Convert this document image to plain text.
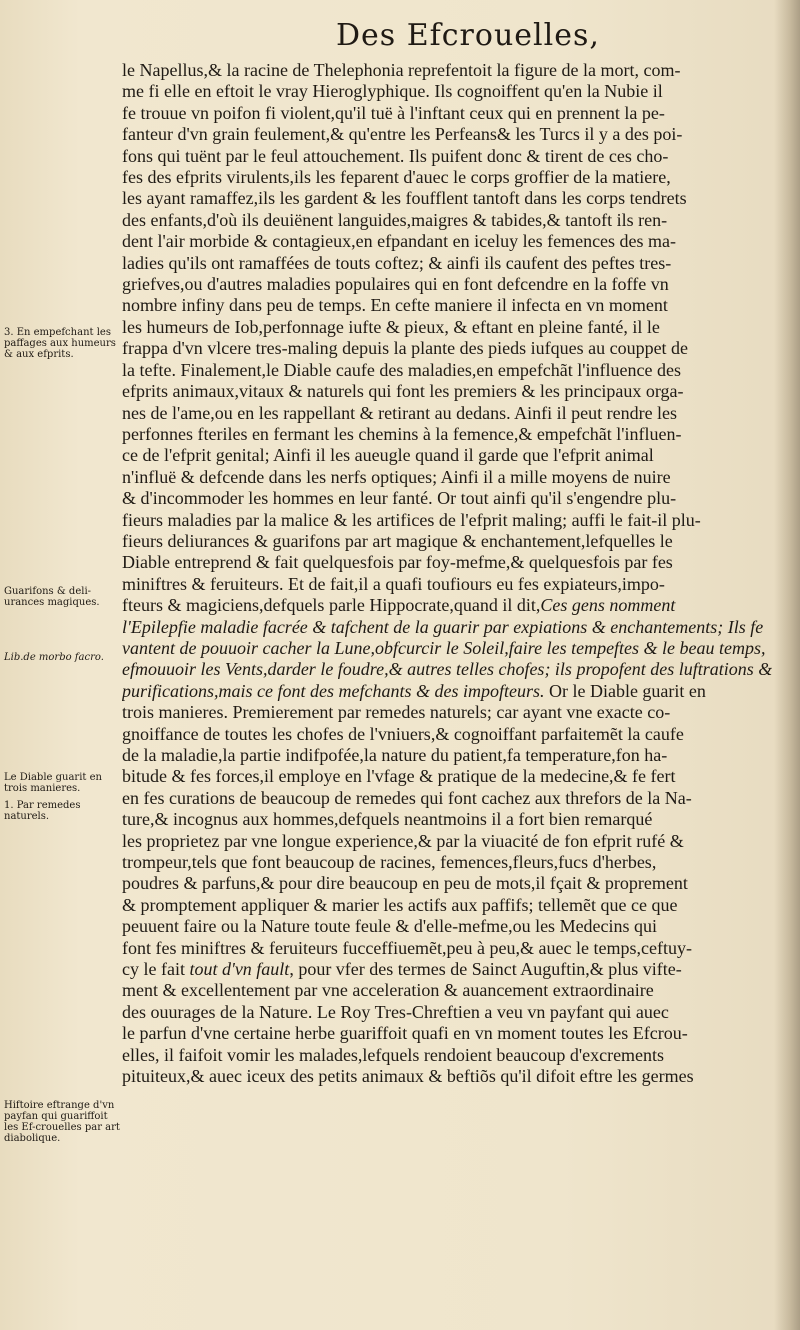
Des Efcrouelles,
le Napellus,& la racine de Thelephonia reprefentoit la figure de la mort, com-
me fi elle en eftoit le vray Hieroglyphique. Ils cognoiffent qu'en la Nubie il
fe trouue vn poifon fi violent,qu'il tuë à l'inftant ceux qui en prennent la pe-
fanteur d'vn grain feulement,& qu'entre les Perfeans& les Turcs il y a des poi-
fons qui tuënt par le feul attouchement. Ils puifent donc & tirent de ces cho-
fes des efprits virulents,ils les feparent d'auec le corps groffier de la matiere,
les ayant ramaffez,ils les gardent & les foufflent tantoft dans les corps tendrets
des enfants,d'où ils deuiënent languides,maigres & tabides,& tantoft ils ren-
dent l'air morbide & contagieux,en efpandant en iceluy les femences des ma-
ladies qu'ils ont ramaffées de touts coftez; & ainfi ils caufent des peftes tres-
griefves,ou d'autres maladies populaires qui en font defcendre en la foffe vn
nombre infiny dans peu de temps. En cefte maniere il infecta en vn moment
les humeurs de Iob,perfonnage iufte & pieux, & eftant en pleine fanté, il le
frappa d'vn vlcere tres-maling depuis la plante des pieds iufques au couppet de
la tefte. Finalement,le Diable caufe des maladies,en empefchãt l'influence des
efprits animaux,vitaux & naturels qui font les premiers & les principaux orga-
nes de l'ame,ou en les rappellant & retirant au dedans. Ainfi il peut rendre les
perfonnes fteriles en fermant les chemins à la femence,& empefchãt l'influen-
ce de l'efprit genital; Ainfi il les aueugle quand il garde que l'efprit animal
n'influë & defcende dans les nerfs optiques; Ainfi il a mille moyens de nuire
& d'incommoder les hommes en leur fanté. Or tout ainfi qu'il s'engendre plu-
fieurs maladies par la malice & les artifices de l'efprit maling; auffi le fait-il plu-
fieurs deliurances & guarifons par art magique & enchantement,lefquelles le
Diable entreprend & fait quelquesfois par foy-mefme,& quelquesfois par fes
miniftres & feruiteurs. Et de fait,il a quafi toufiours eu fes expiateurs,impo-
fteurs & magiciens,defquels parle Hippocrate,quand il dit,Ces gens nomment
l'Epilepfie maladie facrée & tafchent de la guarir par expiations & enchantements; Ils fe
vantent de pouuoir cacher la Lune,obfcurcir le Soleil,faire les tempeftes & le beau temps,
efmouuoir les Vents,darder le foudre,& autres telles chofes; ils propofent des luftrations &
purifications,mais ce font des mefchants & des impofteurs. Or le Diable guarit en
trois manieres. Premierement par remedes naturels; car ayant vne exacte co-
gnoiffance de toutes les chofes de l'vniuers,& cognoiffant parfaitemẽt la caufe
de la maladie,la partie indifpofée,la nature du patient,fa temperature,fon ha-
bitude & fes forces,il employe en l'vfage & pratique de la medecine,& fe fert
en fes curations de beaucoup de remedes qui font cachez aux threfors de la Na-
ture,& incognus aux hommes,defquels neantmoins il a fort bien remarqué
les proprietez par vne longue experience,& par la viuacité de fon efprit rufé &
trompeur,tels que font beaucoup de racines, femences,fleurs,fucs d'herbes,
poudres & parfuns,& pour dire beaucoup en peu de mots,il fçait & proprement
& promptement appliquer & marier les actifs aux paffifs; tellemẽt que ce que
peuuent faire ou la Nature toute feule & d'elle-mefme,ou les Medecins qui
font fes miniftres & feruiteurs fucceffiuemẽt,peu à peu,& auec le temps,ceftuy-
cy le fait tout d'vn fault, pour vfer des termes de Sainct Auguftin,& plus vifte-
ment & excellentement par vne acceleration & auancement extraordinaire
des ouurages de la Nature. Le Roy Tres-Chreftien a veu vn payfant qui auec
le parfun d'vne certaine herbe guariffoit quafi en vn moment toutes les Efcrou-
elles, il faifoit vomir les malades,lefquels rendoient beaucoup d'excrements
pituiteux,& auec iceux des petits animaux & beftiõs qu'il difoit eftre les germes
3. En empefchant les paffages aux humeurs & aux efprits.
Guarifons & deli-urances magiques.
Lib.de morbo facro.
Le Diable guarit en trois manieres.
1. Par remedes naturels.
Hiftoire eftrange d'vn payfan qui guariffoit les Ef-crouelles par art diabolique.
